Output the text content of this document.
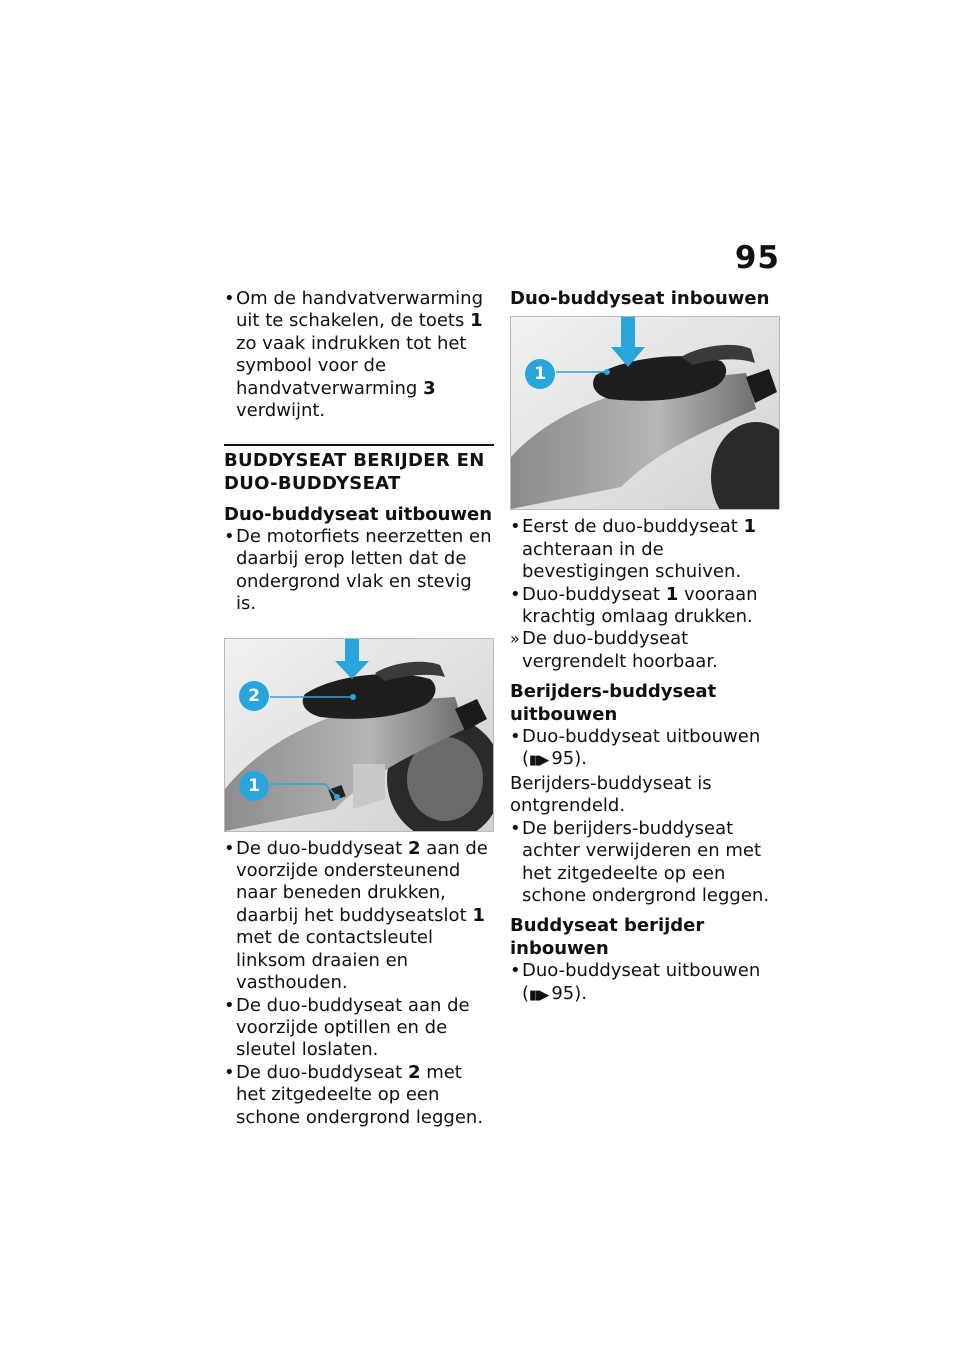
95
• Om de handvatverwarming uit te schakelen, de toets 1 zo vaak indrukken tot het symbool voor de handvatverwarming 3 verdwijnt.
BUDDYSEAT BERIJDER EN DUO-BUDDYSEAT
Duo-buddyseat uitbouwen
• De motorfiets neerzetten en daarbij erop letten dat de ondergrond vlak en stevig is.
2
1
• De duo-buddyseat 2 aan de voorzijde ondersteunend naar beneden drukken, daarbij het buddyseatslot 1 met de contactsleutel linksom draaien en vasthouden.
• De duo-buddyseat aan de voorzijde optillen en de sleutel loslaten.
• De duo-buddyseat 2 met het zitgedeelte op een schone ondergrond leggen.
Duo-buddyseat inbouwen
1
• Eerst de duo-buddyseat 1 achteraan in de bevestigingen schuiven.
• Duo-buddyseat 1 vooraan krachtig omlaag drukken.
» De duo-buddyseat vergrendelt hoorbaar.
Berijders-buddyseat uitbouwen
• Duo-buddyseat uitbouwen
(▮▮▶ 95).
Berijders-buddyseat is ontgrendeld.
• De berijders-buddyseat achter verwijderen en met het zitgedeelte op een schone ondergrond leggen.
Buddyseat berijder inbouwen
• Duo-buddyseat uitbouwen
(▮▮▶ 95).
